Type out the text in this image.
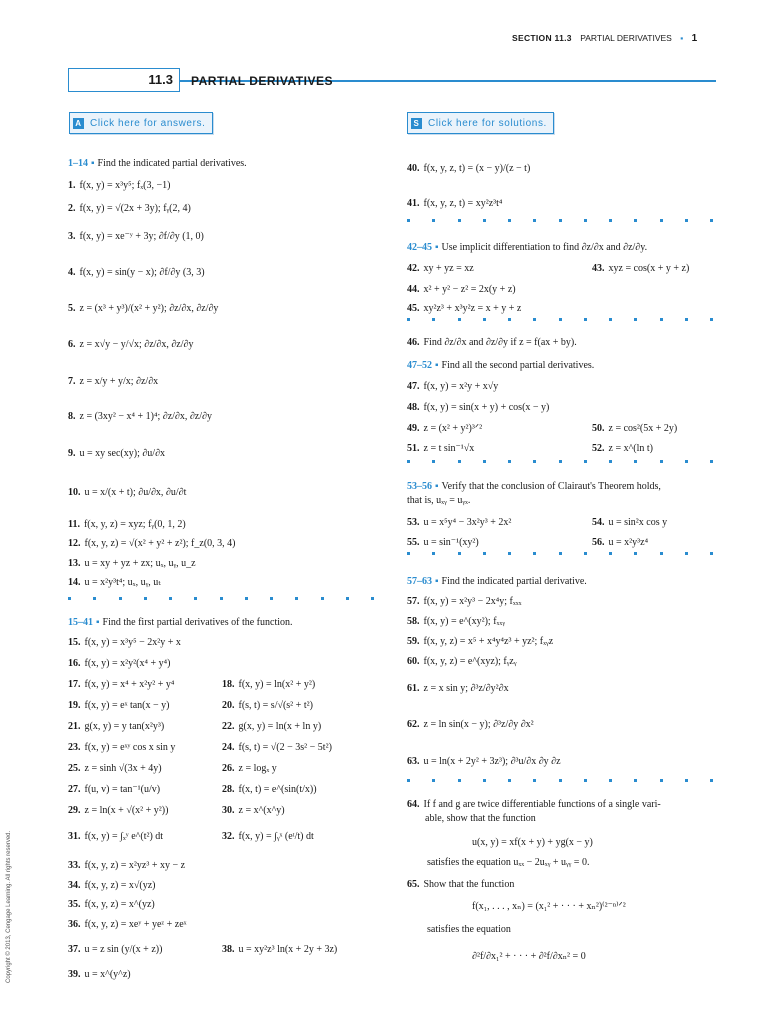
SECTION 11.3 PARTIAL DERIVATIVES ▪ 1
11.3 PARTIAL DERIVATIVES
A Click here for answers.	S Click here for solutions.
Copyright © 2013, Cengage Learning. All rights reserved.
1–14 ▪ Find the indicated partial derivatives.
1. f(x, y) = x³y⁵; fₓ(3, −1)
2. f(x, y) = √(2x + 3y); fᵧ(2, 4)
3. f(x, y) = xe⁻ʸ + 3y; ∂f/∂y (1, 0)
4. f(x, y) = sin(y − x); ∂f/∂y (3, 3)
5. z = (x³ + y³)/(x² + y²); ∂z/∂x, ∂z/∂y
6. z = x√y − y/√x; ∂z/∂x, ∂z/∂y
7. z = x/y + y/x; ∂z/∂x
8. z = (3xy² − x⁴ + 1)⁴; ∂z/∂x, ∂z/∂y
9. u = xy sec(xy); ∂u/∂x
10. u = x/(x + t); ∂u/∂x, ∂u/∂t
11. f(x, y, z) = xyz; fᵧ(0, 1, 2)
12. f(x, y, z) = √(x² + y² + z²); f_z(0, 3, 4)
13. u = xy + yz + zx; uₓ, uᵧ, u_z
14. u = x²y³t⁴; uₓ, uᵧ, uₜ
15–41 ▪ Find the first partial derivatives of the function.
15. f(x, y) = x³y⁵ − 2x²y + x
16. f(x, y) = x²y²(x⁴ + y⁴)
17. f(x, y) = x⁴ + x²y² + y⁴	18. f(x, y) = ln(x² + y²)
19. f(x, y) = eˣ tan(x − y)	20. f(s, t) = s/√(s² + t²)
21. g(x, y) = y tan(x²y³)	22. g(x, y) = ln(x + ln y)
23. f(x, y) = eˣʸ cos x sin y	24. f(s, t) = √(2 − 3s² − 5t²)
25. z = sinh √(3x + 4y)	26. z = logₓ y
27. f(u, v) = tan⁻¹(u/v)	28. f(x, t) = e^(sin(t/x))
29. z = ln(x + √(x² + y²))	30. z = x^(x^y)
31. f(x, y) = ∫ₓʸ e^(t²) dt	32. f(x, y) = ∫ᵧˣ (eᵗ/t) dt
33. f(x, y, z) = x²yz³ + xy − z
34. f(x, y, z) = x√(yz)
35. f(x, y, z) = x^(yz)
36. f(x, y, z) = xeʸ + yeᶻ + zeˣ
37. u = z sin (y/(x + z))	38. u = xy²z³ ln(x + 2y + 3z)
39. u = x^(y^z)
40. f(x, y, z, t) = (x − y)/(z − t)
41. f(x, y, z, t) = xy²z³t⁴
42–45 ▪ Use implicit differentiation to find ∂z/∂x and ∂z/∂y.
42. xy + yz = xz	43. xyz = cos(x + y + z)
44. x² + y² − z² = 2x(y + z)
45. xy²z³ + x³y²z = x + y + z
46. Find ∂z/∂x and ∂z/∂y if z = f(ax + by).
47–52 ▪ Find all the second partial derivatives.
47. f(x, y) = x²y + x√y
48. f(x, y) = sin(x + y) + cos(x − y)
49. z = (x² + y²)³ᐟ²	50. z = cos²(5x + 2y)
51. z = t sin⁻¹√x	52. z = x^(ln t)
53–56 ▪ Verify that the conclusion of Clairaut's Theorem holds,
that is, uₓᵧ = uᵧₓ.
53. u = x⁵y⁴ − 3x²y³ + 2x²	54. u = sin²x cos y
55. u = sin⁻¹(xy²)	56. u = x²y³z⁴
57–63 ▪ Find the indicated partial derivative.
57. f(x, y) = x²y³ − 2x⁴y; fₓₓₓ
58. f(x, y) = e^(xy²); fₓₓᵧ
59. f(x, y, z) = x⁵ + x⁴y⁴z³ + yz²; fₓᵧz
60. f(x, y, z) = e^(xyz); fᵧzᵧ
61. z = x sin y; ∂³z/∂y²∂x
62. z = ln sin(x − y); ∂³z/∂y ∂x²
63. u = ln(x + 2y² + 3z³); ∂³u/∂x ∂y ∂z
64. If f and g are twice differentiable functions of a single vari-
able, show that the function
u(x, y) = xf(x + y) + yg(x − y)
satisfies the equation uₓₓ − 2uₓᵧ + uᵧᵧ = 0.
65. Show that the function
f(x₁, . . . , xₙ) = (x₁² + · · · + xₙ²)⁽²⁻ⁿ⁾ᐟ²
satisfies the equation
∂²f/∂x₁² + · · · + ∂²f/∂xₙ² = 0
